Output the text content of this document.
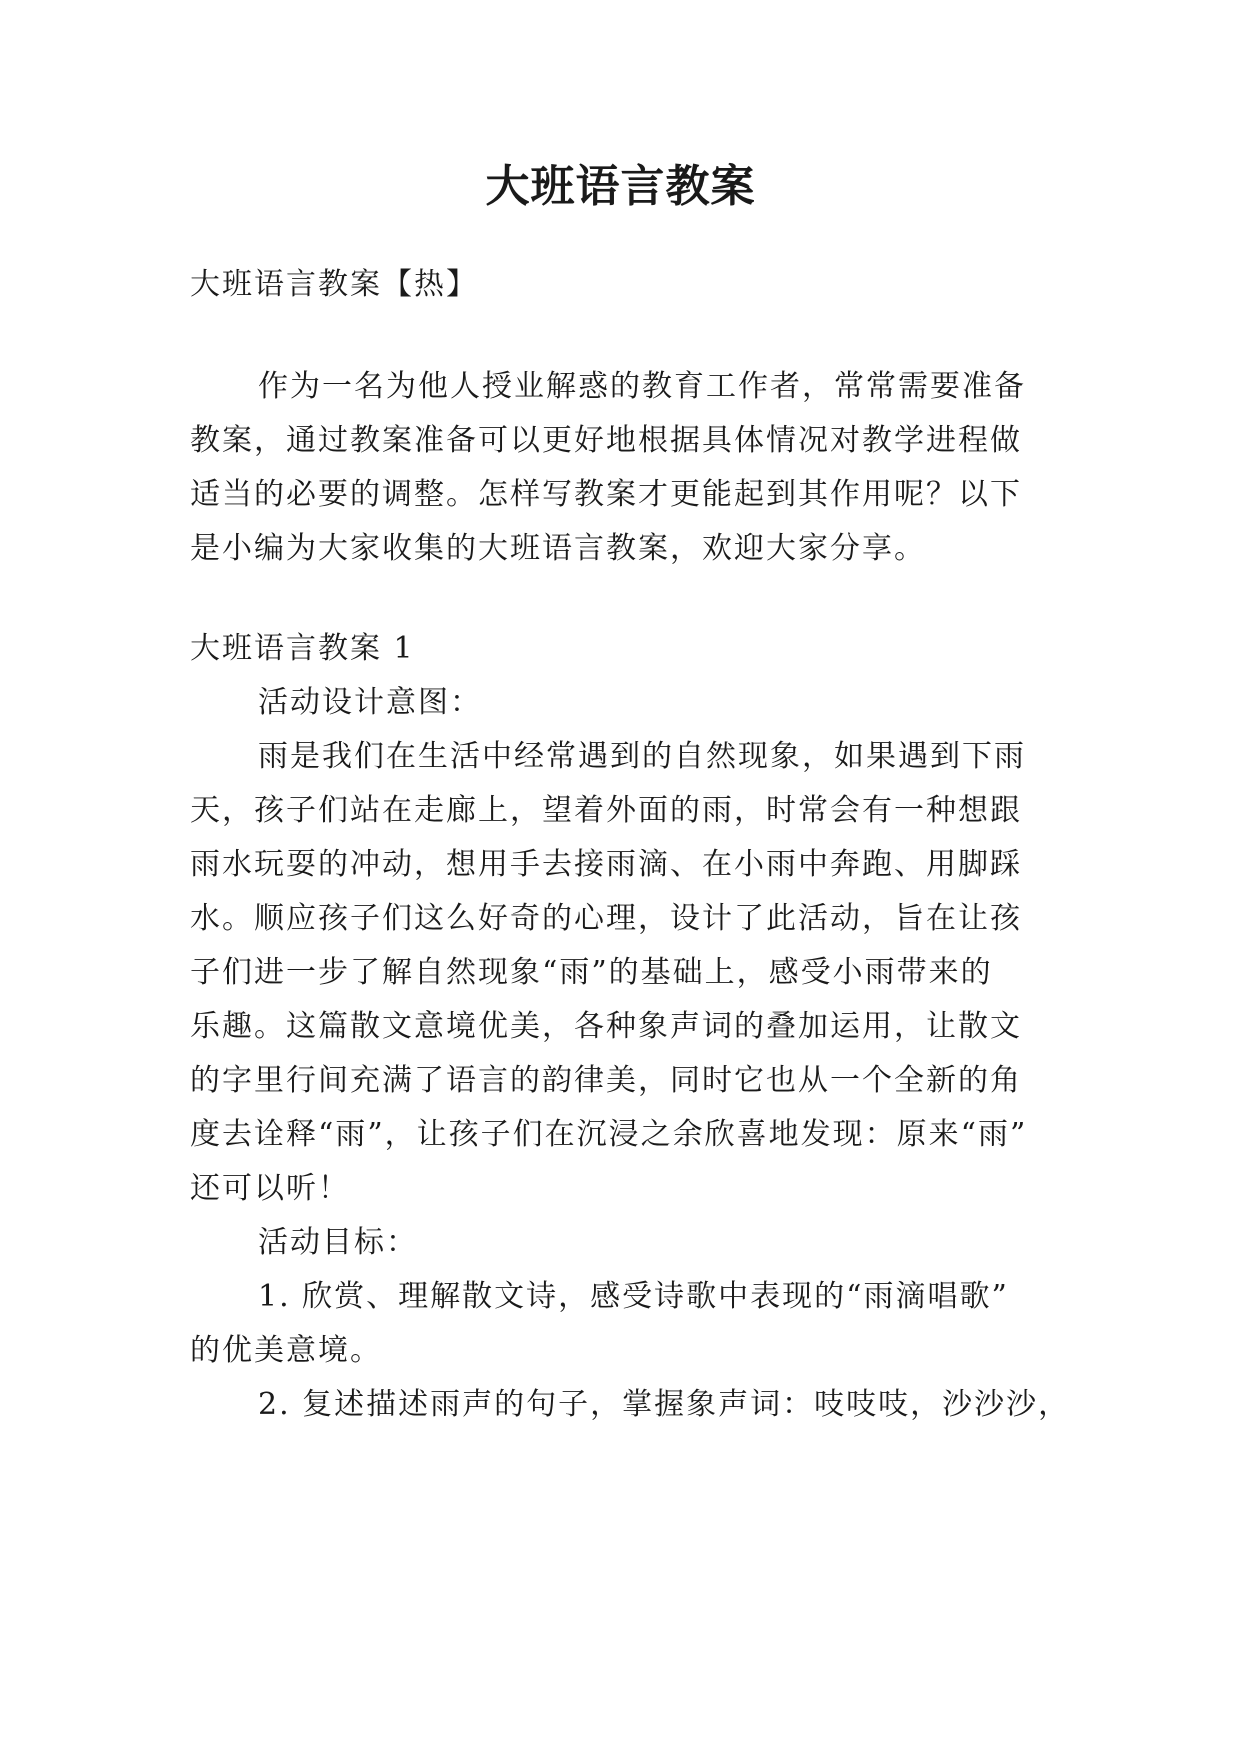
大班语言教案
大班语言教案【热】
作为一名为他人授业解惑的教育工作者，常常需要准备
教案，通过教案准备可以更好地根据具体情况对教学进程做
适当的必要的调整。怎样写教案才更能起到其作用呢？以下
是小编为大家收集的大班语言教案，欢迎大家分享。
大班语言教案 1
活动设计意图：
雨是我们在生活中经常遇到的自然现象，如果遇到下雨
天，孩子们站在走廊上，望着外面的雨，时常会有一种想跟
雨水玩耍的冲动，想用手去接雨滴、在小雨中奔跑、用脚踩
水。顺应孩子们这么好奇的心理，设计了此活动，旨在让孩
子们进一步了解自然现象“雨”的基础上，感受小雨带来的
乐趣。这篇散文意境优美，各种象声词的叠加运用，让散文
的字里行间充满了语言的韵律美，同时它也从一个全新的角
度去诠释“雨”，让孩子们在沉浸之余欣喜地发现：原来“雨”
还可以听！
活动目标：
1. 欣赏、理解散文诗，感受诗歌中表现的“雨滴唱歌”
的优美意境。
2. 复述描述雨声的句子，掌握象声词：吱吱吱，沙沙沙，
